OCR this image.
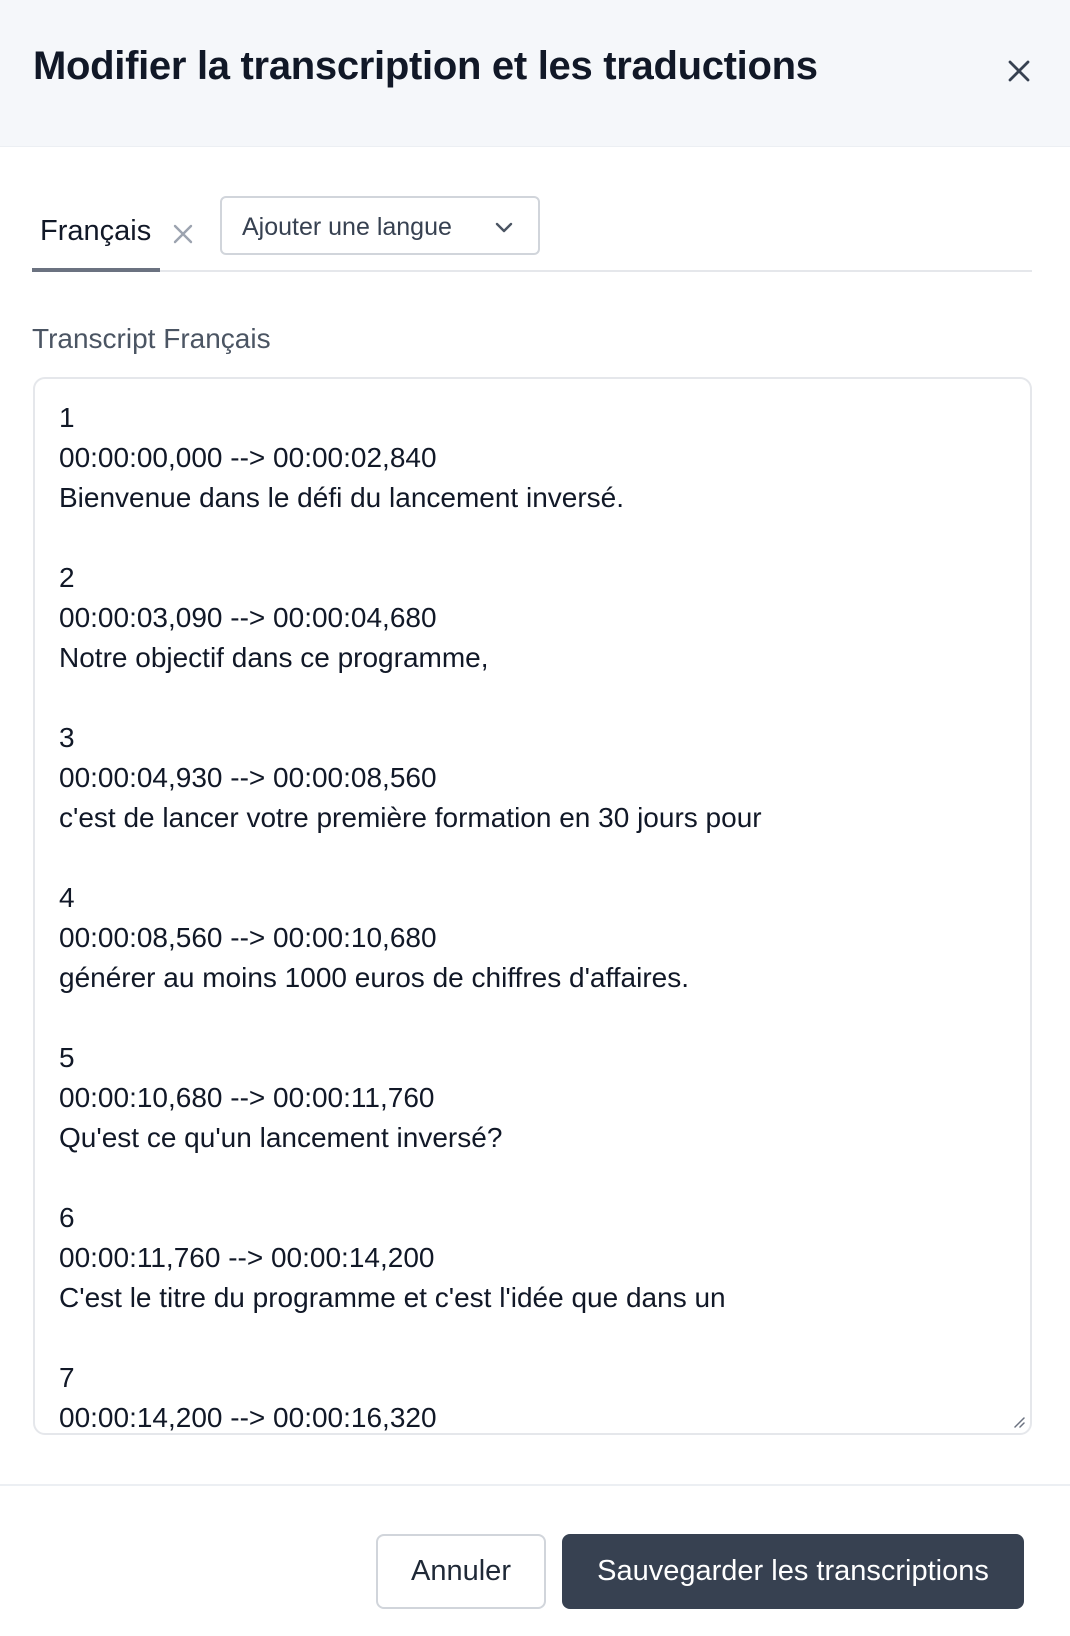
Modifier la transcription et les traductions
Français	Ajouter une langue
Transcript Français
1
00:00:00,000 --> 00:00:02,840
Bienvenue dans le défi du lancement inversé.

2
00:00:03,090 --> 00:00:04,680
Notre objectif dans ce programme,

3
00:00:04,930 --> 00:00:08,560
c'est de lancer votre première formation en 30 jours pour

4
00:00:08,560 --> 00:00:10,680
générer au moins 1000 euros de chiffres d'affaires.

5
00:00:10,680 --> 00:00:11,760
Qu'est ce qu'un lancement inversé?

6
00:00:11,760 --> 00:00:14,200
C'est le titre du programme et c'est l'idée que dans un

7
00:00:14,200 --> 00:00:16,320
Annuler	Sauvegarder les transcriptions
